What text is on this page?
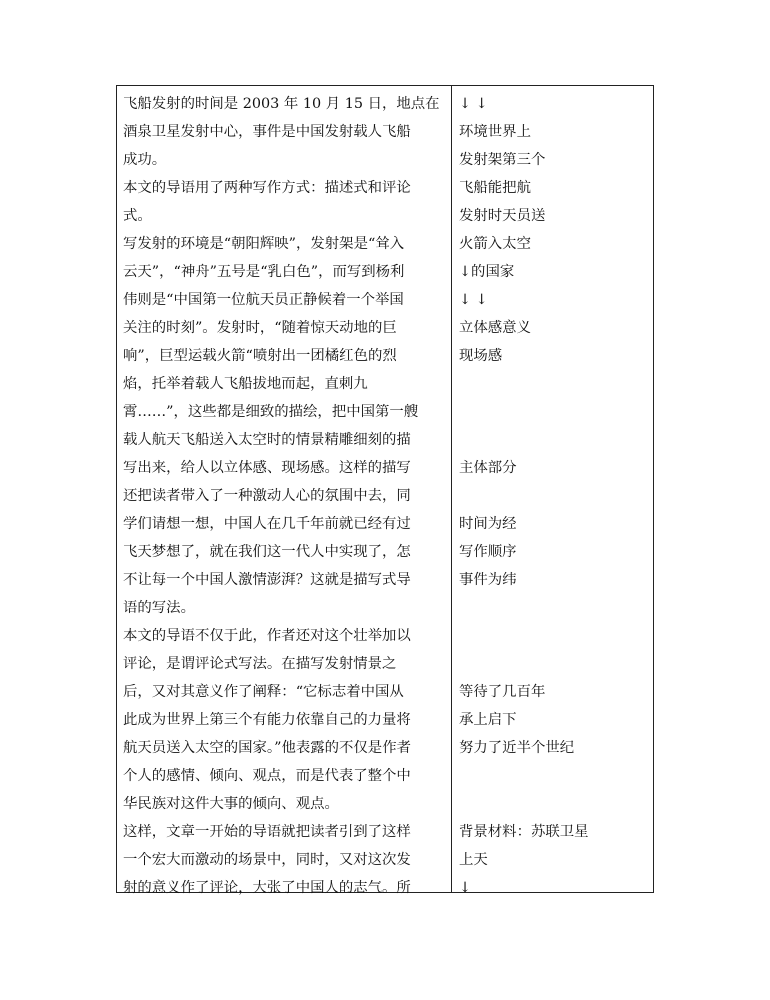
飞船发射的时间是 2003 年 10 月 15 日，地点在
酒泉卫星发射中心，事件是中国发射载人飞船
成功。
本文的导语用了两种写作方式：描述式和评论
式。
写发射的环境是“朝阳辉映”，发射架是“耸入
云天”，“神舟”五号是“乳白色”，而写到杨利
伟则是“中国第一位航天员正静候着一个举国
关注的时刻”。发射时，“随着惊天动地的巨
响”，巨型运载火箭“喷射出一团橘红色的烈
焰，托举着载人飞船拔地而起，直刺九
霄……”，这些都是细致的描绘，把中国第一艘
载人航天飞船送入太空时的情景精雕细刻的描
写出来，给人以立体感、现场感。这样的描写
还把读者带入了一种激动人心的氛围中去，同
学们请想一想，中国人在几千年前就已经有过
飞天梦想了，就在我们这一代人中实现了，怎
不让每一个中国人激情澎湃？这就是描写式导
语的写法。
本文的导语不仅于此，作者还对这个壮举加以
评论，是谓评论式写法。在描写发射情景之
后，又对其意义作了阐释：“它标志着中国从
此成为世界上第三个有能力依靠自己的力量将
航天员送入太空的国家。”他表露的不仅是作者
个人的感情、倾向、观点，而是代表了整个中
华民族对这件大事的倾向、观点。
这样，文章一开始的导语就把读者引到了这样
一个宏大而激动的场景中，同时，又对这次发
射的意义作了评论，大张了中国人的志气。所
↓ ↓
环境世界上
发射架第三个
飞船能把航
发射时天员送
火箭入太空
↓的国家
↓ ↓
立体感意义
现场感
主体部分
时间为经
写作顺序
事件为纬
等待了几百年
承上启下
努力了近半个世纪
背景材料：苏联卫星
上天
↓
